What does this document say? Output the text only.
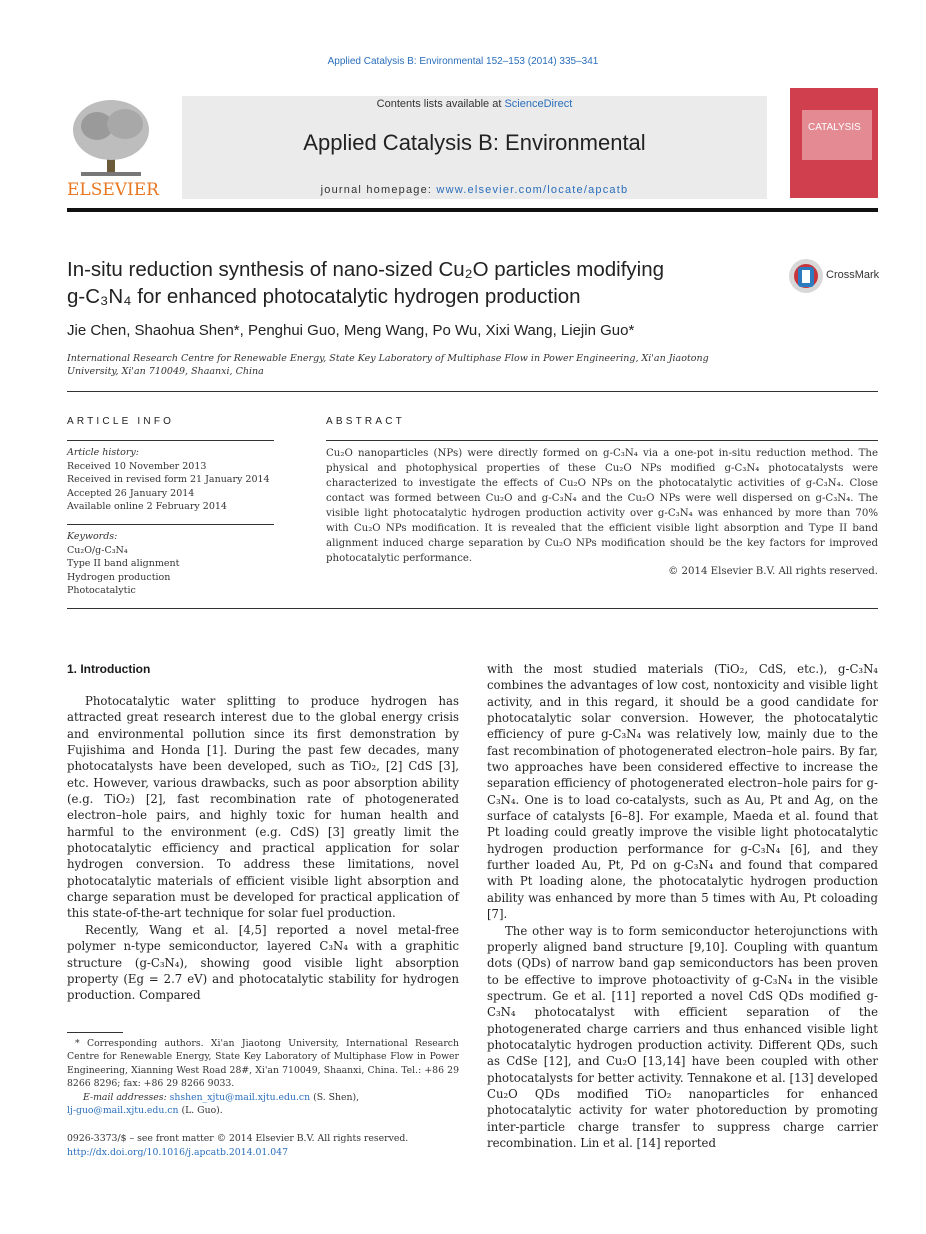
Applied Catalysis B: Environmental 152–153 (2014) 335–341
ELSEVIER
Contents lists available at ScienceDirect
Applied Catalysis B: Environmental
journal homepage: www.elsevier.com/locate/apcatb
CATALYSIS
In-situ reduction synthesis of nano-sized Cu₂O particles modifying
g-C₃N₄ for enhanced photocatalytic hydrogen production
CrossMark
Jie Chen, Shaohua Shen*, Penghui Guo, Meng Wang, Po Wu, Xixi Wang, Liejin Guo*
International Research Centre for Renewable Energy, State Key Laboratory of Multiphase Flow in Power Engineering, Xi'an Jiaotong University, Xi'an 710049, Shaanxi, China
ARTICLE INFO
Article history:
Received 10 November 2013
Received in revised form 21 January 2014
Accepted 26 January 2014
Available online 2 February 2014
Keywords:
Cu₂O/g-C₃N₄
Type II band alignment
Hydrogen production
Photocatalytic
ABSTRACT
Cu₂O nanoparticles (NPs) were directly formed on g-C₃N₄ via a one-pot in-situ reduction method. The physical and photophysical properties of these Cu₂O NPs modified g-C₃N₄ photocatalysts were characterized to investigate the effects of Cu₂O NPs on the photocatalytic activities of g-C₃N₄. Close contact was formed between Cu₂O and g-C₃N₄ and the Cu₂O NPs were well dispersed on g-C₃N₄. The visible light photocatalytic hydrogen production activity over g-C₃N₄ was enhanced by more than 70% with Cu₂O NPs modification. It is revealed that the efficient visible light absorption and Type II band alignment induced charge separation by Cu₂O NPs modification should be the key factors for improved photocatalytic performance.
© 2014 Elsevier B.V. All rights reserved.
1. Introduction

Photocatalytic water splitting to produce hydrogen has attracted great research interest due to the global energy crisis and environmental pollution since its first demonstration by Fujishima and Honda [1]. During the past few decades, many photocatalysts have been developed, such as TiO₂, [2] CdS [3], etc. However, various drawbacks, such as poor absorption ability (e.g. TiO₂) [2], fast recombination rate of photogenerated electron–hole pairs, and highly toxic for human health and harmful to the environment (e.g. CdS) [3] greatly limit the photocatalytic efficiency and practical application for solar hydrogen conversion. To address these limitations, novel photocatalytic materials of efficient visible light absorption and charge separation must be developed for practical application of this state-of-the-art technique for solar fuel production.

Recently, Wang et al. [4,5] reported a novel metal-free polymer n-type semiconductor, layered C₃N₄ with a graphitic structure (g-C₃N₄), showing good visible light absorption property (Eg = 2.7 eV) and photocatalytic stability for hydrogen production. Compared

with the most studied materials (TiO₂, CdS, etc.), g-C₃N₄ combines the advantages of low cost, nontoxicity and visible light activity, and in this regard, it should be a good candidate for photocatalytic solar conversion. However, the photocatalytic efficiency of pure g-C₃N₄ was relatively low, mainly due to the fast recombination of photogenerated electron–hole pairs. By far, two approaches have been considered effective to increase the separation efficiency of photogenerated electron–hole pairs for g-C₃N₄. One is to load co-catalysts, such as Au, Pt and Ag, on the surface of catalysts [6–8]. For example, Maeda et al. found that Pt loading could greatly improve the visible light photocatalytic hydrogen production performance for g-C₃N₄ [6], and they further loaded Au, Pt, Pd on g-C₃N₄ and found that compared with Pt loading alone, the photocatalytic hydrogen production ability was enhanced by more than 5 times with Au, Pt coloading [7].

The other way is to form semiconductor heterojunctions with properly aligned band structure [9,10]. Coupling with quantum dots (QDs) of narrow band gap semiconductors has been proven to be effective to improve photoactivity of g-C₃N₄ in the visible spectrum. Ge et al. [11] reported a novel CdS QDs modified g-C₃N₄ photocatalyst with efficient separation of the photogenerated charge carriers and thus enhanced visible light photocatalytic hydrogen production activity. Different QDs, such as CdSe [12], and Cu₂O [13,14] have been coupled with other photocatalysts for better activity. Tennakone et al. [13] developed Cu₂O QDs modified TiO₂ nanoparticles for enhanced photocatalytic activity for water photoreduction by promoting inter-particle charge transfer to suppress charge carrier recombination. Lin et al. [14] reported

* Corresponding authors. Xi'an Jiaotong University, International Research Centre for Renewable Energy, State Key Laboratory of Multiphase Flow in Power Engineering, Xianning West Road 28#, Xi'an 710049, Shaanxi, China. Tel.: +86 29 8266 8296; fax: +86 29 8266 9033.
E-mail addresses: shshen_xjtu@mail.xjtu.edu.cn (S. Shen),
lj-guo@mail.xjtu.edu.cn (L. Guo).
0926-3373/$ – see front matter © 2014 Elsevier B.V. All rights reserved.
http://dx.doi.org/10.1016/j.apcatb.2014.01.047
